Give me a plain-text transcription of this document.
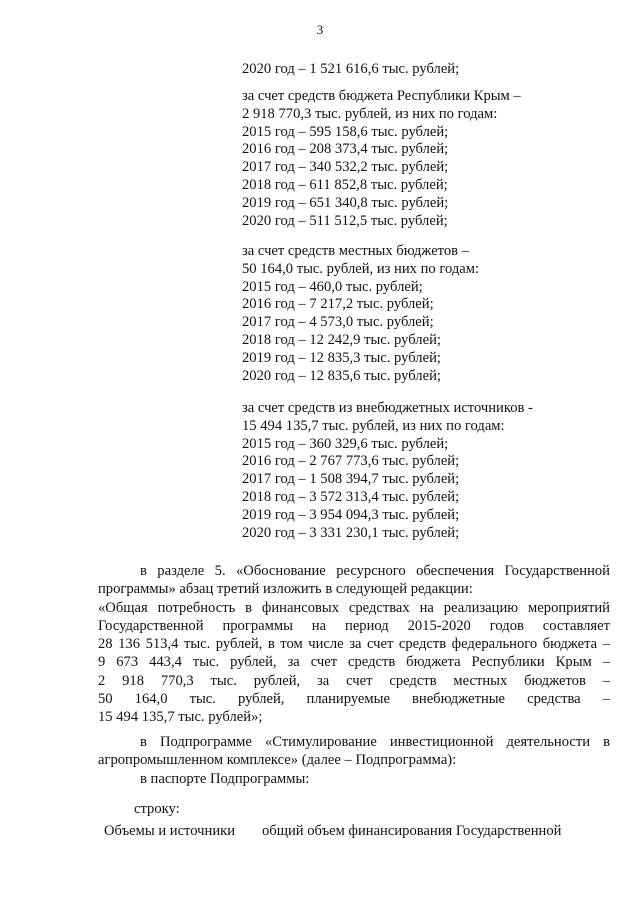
3
2020 год – 1 521 616,6 тыс. рублей;
за счет средств бюджета Республики Крым –
2 918 770,3 тыс. рублей, из них по годам:
2015 год – 595 158,6 тыс. рублей;
2016 год – 208 373,4 тыс. рублей;
2017 год – 340 532,2 тыс. рублей;
2018 год – 611 852,8 тыс. рублей;
2019 год – 651 340,8 тыс. рублей;
2020 год – 511 512,5 тыс. рублей;
за счет средств местных бюджетов –
50 164,0 тыс. рублей, из них по годам:
2015 год – 460,0 тыс. рублей;
2016 год – 7 217,2 тыс. рублей;
2017 год – 4 573,0 тыс. рублей;
2018 год – 12 242,9 тыс. рублей;
2019 год – 12 835,3 тыс. рублей;
2020 год – 12 835,6 тыс. рублей;
за счет средств из внебюджетных источников -
15 494 135,7 тыс. рублей, из них по годам:
2015 год – 360 329,6 тыс. рублей;
2016 год – 2 767 773,6 тыс. рублей;
2017 год – 1 508 394,7 тыс. рублей;
2018 год – 3 572 313,4 тыс. рублей;
2019 год – 3 954 094,3 тыс. рублей;
2020 год – 3 331 230,1 тыс. рублей;
в разделе 5. «Обоснование ресурсного обеспечения Государственной
программы» абзац третий изложить в следующей редакции:
«Общая потребность в финансовых средствах на реализацию мероприятий
Государственной программы на период 2015-2020 годов составляет
28 136 513,4 тыс. рублей, в том числе за счет средств федерального бюджета –
9 673 443,4 тыс. рублей, за счет средств бюджета Республики Крым –
2 918 770,3 тыс. рублей, за счет средств местных бюджетов –
50 164,0 тыс. рублей, планируемые внебюджетные средства –
15 494 135,7 тыс. рублей»;
в Подпрограмме «Стимулирование инвестиционной деятельности в
агропромышленном комплексе» (далее – Подпрограмма):
в паспорте Подпрограммы:
строку:
Объемы и источники общий объем финансирования Государственной
